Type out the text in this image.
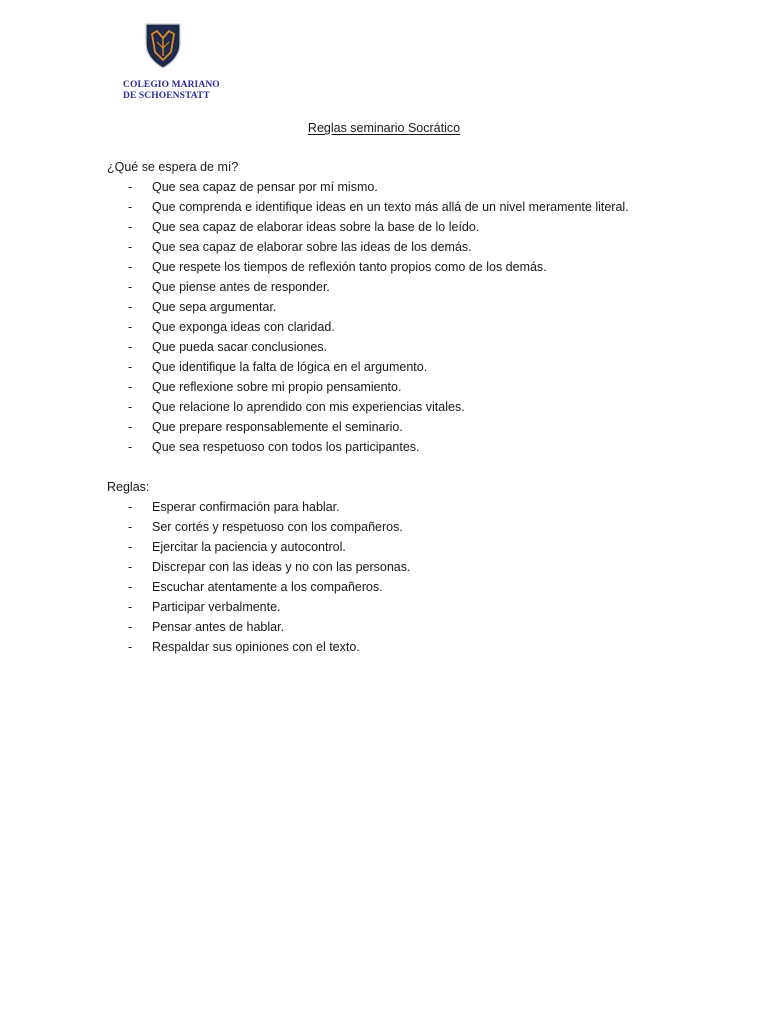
COLEGIO MARIANO
DE SCHOENSTATT
Reglas seminario Socrático
¿Qué se espera de mí?
- Que sea capaz de pensar por mí mismo.
- Que comprenda e identifique ideas en un texto más allá de un nivel meramente literal.
- Que sea capaz de elaborar ideas sobre la base de lo leído.
- Que sea capaz de elaborar sobre las ideas de los demás.
- Que respete los tiempos de reflexión tanto propios como de los demás.
- Que piense antes de responder.
- Que sepa argumentar.
- Que exponga ideas con claridad.
- Que pueda sacar conclusiones.
- Que identifique la falta de lógica en el argumento.
- Que reflexione sobre mi propio pensamiento.
- Que relacione lo aprendido con mis experiencias vitales.
- Que prepare responsablemente el seminario.
- Que sea respetuoso con todos los participantes.
Reglas:
- Esperar confirmación para hablar.
- Ser cortés y respetuoso con los compañeros.
- Ejercitar la paciencia y autocontrol.
- Discrepar con las ideas y no con las personas.
- Escuchar atentamente a los compañeros.
- Participar verbalmente.
- Pensar antes de hablar.
- Respaldar sus opiniones con el texto.
